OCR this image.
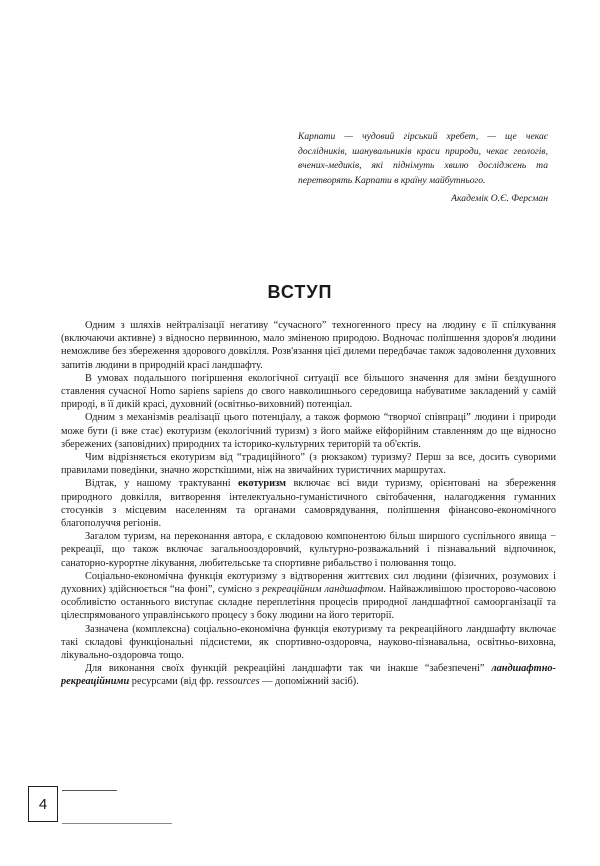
Карпати — чудовий гірський хребет, — ще чекає дослідників, шанувальників краси природи, чекає геологів, вчених-медиків, які піднімуть хвилю досліджень та перетворять Карпати в країну майбутнього.

Академік О.Є. Ферсман

ВСТУП

Одним з шляхів нейтралізації негативу “сучасного” техногенного пресу на людину є її спілкування (включаючи активне) з відносно первинною, мало зміненою природою. Водночас поліпшення здоров'я людини неможливе без збереження здорового довкілля. Розв'язання цієї дилеми передбачає також задоволення духовних запитів людини в природній красі ландшафту.

В умовах подальшого погіршення екологічної ситуації все більшого значення для зміни бездушного ставлення сучасної Homo sapiens sapiens до свого навколишнього середовища набуватиме закладений у самій природі, в її дикій красі, духовний (освітньо-виховний) потенціал.

Одним з механізмів реалізації цього потенціалу, а також формою “творчої співпраці” людини і природи може бути (і вже стає) екотуризм (екологічний туризм) з його майже ейфорійним ставленням до ще відносно збережених (заповідних) природних та історико-культурних територій та об'єктів.

Чим відрізняється екотуризм від “традиційного” (з рюкзаком) туризму? Перш за все, досить суворими правилами поведінки, значно жорсткішими, ніж на звичайних туристичних маршрутах.

Відтак, у нашому трактуванні екотуризм включає всі види туризму, орієнтовані на збереження природного довкілля, витворення інтелектуально-гуманістичного світобачення, налагодження гуманних стосунків з місцевим населенням та органами самоврядування, поліпшення фінансово-економічного благополуччя регіонів.

Загалом туризм, на переконання автора, є складовою компонентою більш ширшого суспільного явища − рекреації, що також включає загальнооздоровчий, культурно-розважальний і пізнавальний відпочинок, санаторно-курортне лікування, любительське та спортивне рибальство і полювання тощо.

Соціально-економічна функція екотуризму з відтворення життєвих сил людини (фізичних, розумових і духовних) здійснюється “на фоні”, сумісно з рекреаційним ландшафтом. Найважливішою просторово-часовою особливістю останнього виступає складне переплетіння процесів природної ландшафтної самоорганізації та цілеспрямованого управлінського процесу з боку людини на його території.

Зазначена (комплексна) соціально-економічна функція екотуризму та рекреаційного ландшафту включає такі складові функціональні підсистеми, як спортивно-оздоровча, науково-пізнавальна, освітньо-виховна, лікувально-оздоровча тощо.

Для виконання своїх функцій рекреаційні ландшафти так чи інакше “забезпечені” ландшафтно-рекреаційними ресурсами (від фр. ressources — допоміжний засіб).

4
